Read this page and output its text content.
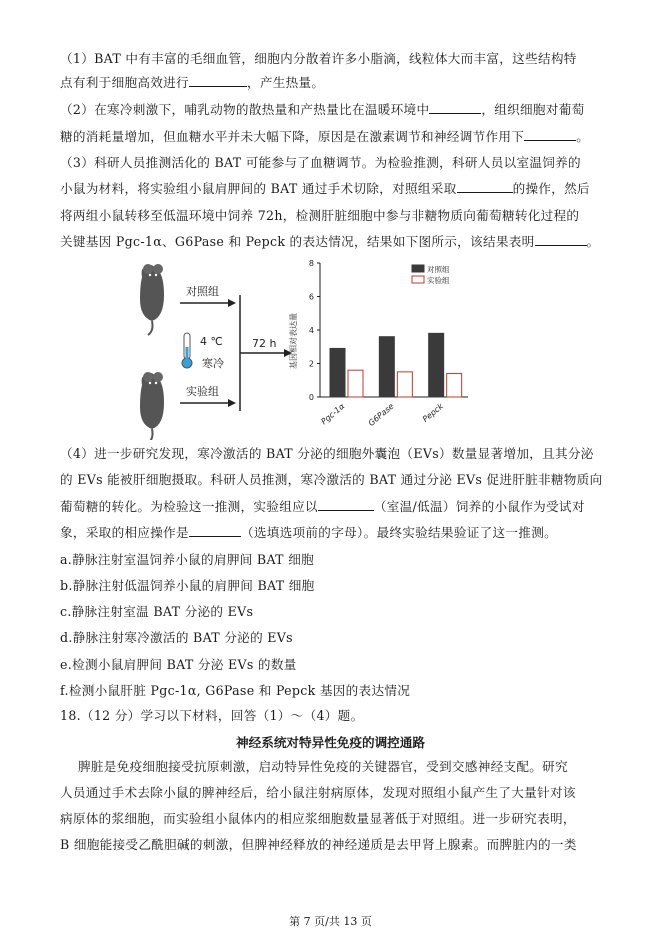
（1）BAT 中有丰富的毛细血管，细胞内分散着许多小脂滴，线粒体大而丰富，这些结构特
点有利于细胞高效进行	，产生热量。
（2）在寒冷刺激下，哺乳动物的散热量和产热量比在温暖环境中	，组织细胞对葡萄
糖的消耗量增加，但血糖水平并未大幅下降，原因是在激素调节和神经调节作用下	。
（3）科研人员推测活化的 BAT 可能参与了血糖调节。为检验推测，科研人员以室温饲养的
小鼠为材料，将实验组小鼠肩胛间的 BAT 通过手术切除，对照组采取	的操作，然后
将两组小鼠转移至低温环境中饲养 72h，检测肝脏细胞中参与非糖物质向葡萄糖转化过程的
关键基因 Pgc-1α、G6Pase 和 Pepck 的表达情况，结果如下图所示，该结果表明	。
对照组
实验组
4 ℃
寒冷
72 h 基因相对表达量
0
2
4
6
8
Pgc-1α	G6Pase	Pepck
对照组
实验组
（4）进一步研究发现，寒冷激活的 BAT 分泌的细胞外囊泡（EVs）数量显著增加，且其分泌
的 EVs 能被肝细胞摄取。科研人员推测，寒冷激活的 BAT 通过分泌 EVs 促进肝脏非糖物质向
葡萄糖的转化。为检验这一推测，实验组应以	（室温/低温）饲养的小鼠作为受试对
象，采取的相应操作是	（选填选项前的字母）。最终实验结果验证了这一推测。
a.静脉注射室温饲养小鼠的肩胛间 BAT 细胞
b.静脉注射低温饲养小鼠的肩胛间 BAT 细胞
c.静脉注射室温 BAT 分泌的 EVs
d.静脉注射寒冷激活的 BAT 分泌的 EVs
e.检测小鼠肩胛间 BAT 分泌 EVs 的数量
f.检测小鼠肝脏 Pgc-1α, G6Pase 和 Pepck 基因的表达情况
18.（12 分）学习以下材料，回答（1）～（4）题。
神经系统对特异性免疫的调控通路
脾脏是免疫细胞接受抗原刺激，启动特异性免疫的关键器官，受到交感神经支配。研究
人员通过手术去除小鼠的脾神经后，给小鼠注射病原体，发现对照组小鼠产生了大量针对该
病原体的浆细胞，而实验组小鼠体内的相应浆细胞数量显著低于对照组。进一步研究表明，
B 细胞能接受乙酰胆碱的刺激，但脾神经释放的神经递质是去甲肾上腺素。而脾脏内的一类
第 7 页/共 13 页
